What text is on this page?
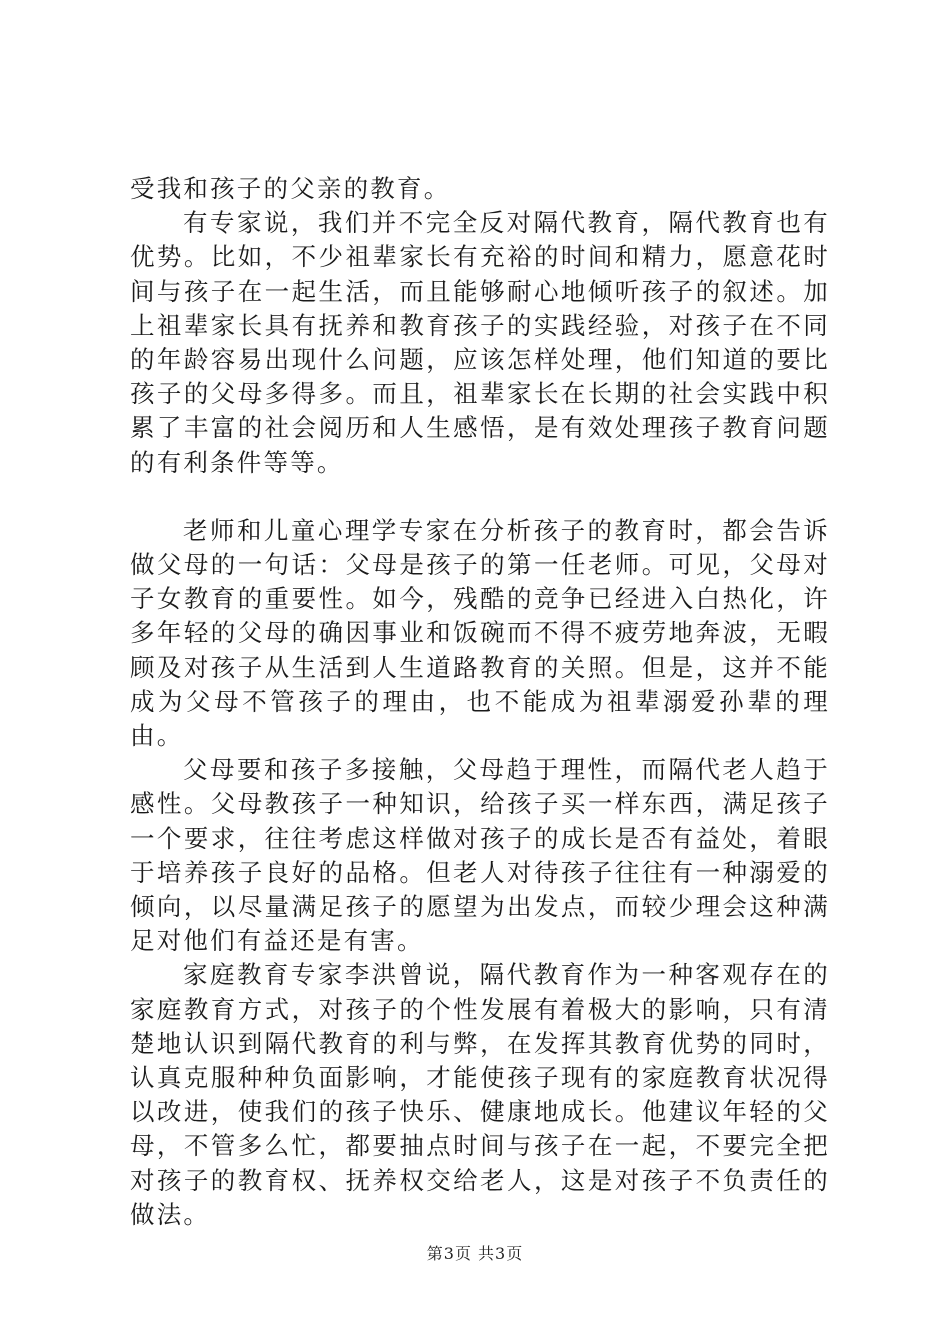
受我和孩子的父亲的教育。

有专家说，我们并不完全反对隔代教育，隔代教育也有优势。比如，不少祖辈家长有充裕的时间和精力，愿意花时间与孩子在一起生活，而且能够耐心地倾听孩子的叙述。加上祖辈家长具有抚养和教育孩子的实践经验，对孩子在不同的年龄容易出现什么问题，应该怎样处理，他们知道的要比孩子的父母多得多。而且，祖辈家长在长期的社会实践中积累了丰富的社会阅历和人生感悟，是有效处理孩子教育问题的有利条件等等。

老师和儿童心理学专家在分析孩子的教育时，都会告诉做父母的一句话：父母是孩子的第一任老师。可见，父母对子女教育的重要性。如今，残酷的竞争已经进入白热化，许多年轻的父母的确因事业和饭碗而不得不疲劳地奔波，无暇顾及对孩子从生活到人生道路教育的关照。但是，这并不能成为父母不管孩子的理由，也不能成为祖辈溺爱孙辈的理由。

父母要和孩子多接触，父母趋于理性，而隔代老人趋于感性。父母教孩子一种知识，给孩子买一样东西，满足孩子一个要求，往往考虑这样做对孩子的成长是否有益处，着眼于培养孩子良好的品格。但老人对待孩子往往有一种溺爱的倾向，以尽量满足孩子的愿望为出发点，而较少理会这种满足对他们有益还是有害。

家庭教育专家李洪曾说，隔代教育作为一种客观存在的家庭教育方式，对孩子的个性发展有着极大的影响，只有清楚地认识到隔代教育的利与弊，在发挥其教育优势的同时，认真克服种种负面影响，才能使孩子现有的家庭教育状况得以改进，使我们的孩子快乐、健康地成长。他建议年轻的父母，不管多么忙，都要抽点时间与孩子在一起，不要完全把对孩子的教育权、抚养权交给老人，这是对孩子不负责任的做法。

第3页 共3页
